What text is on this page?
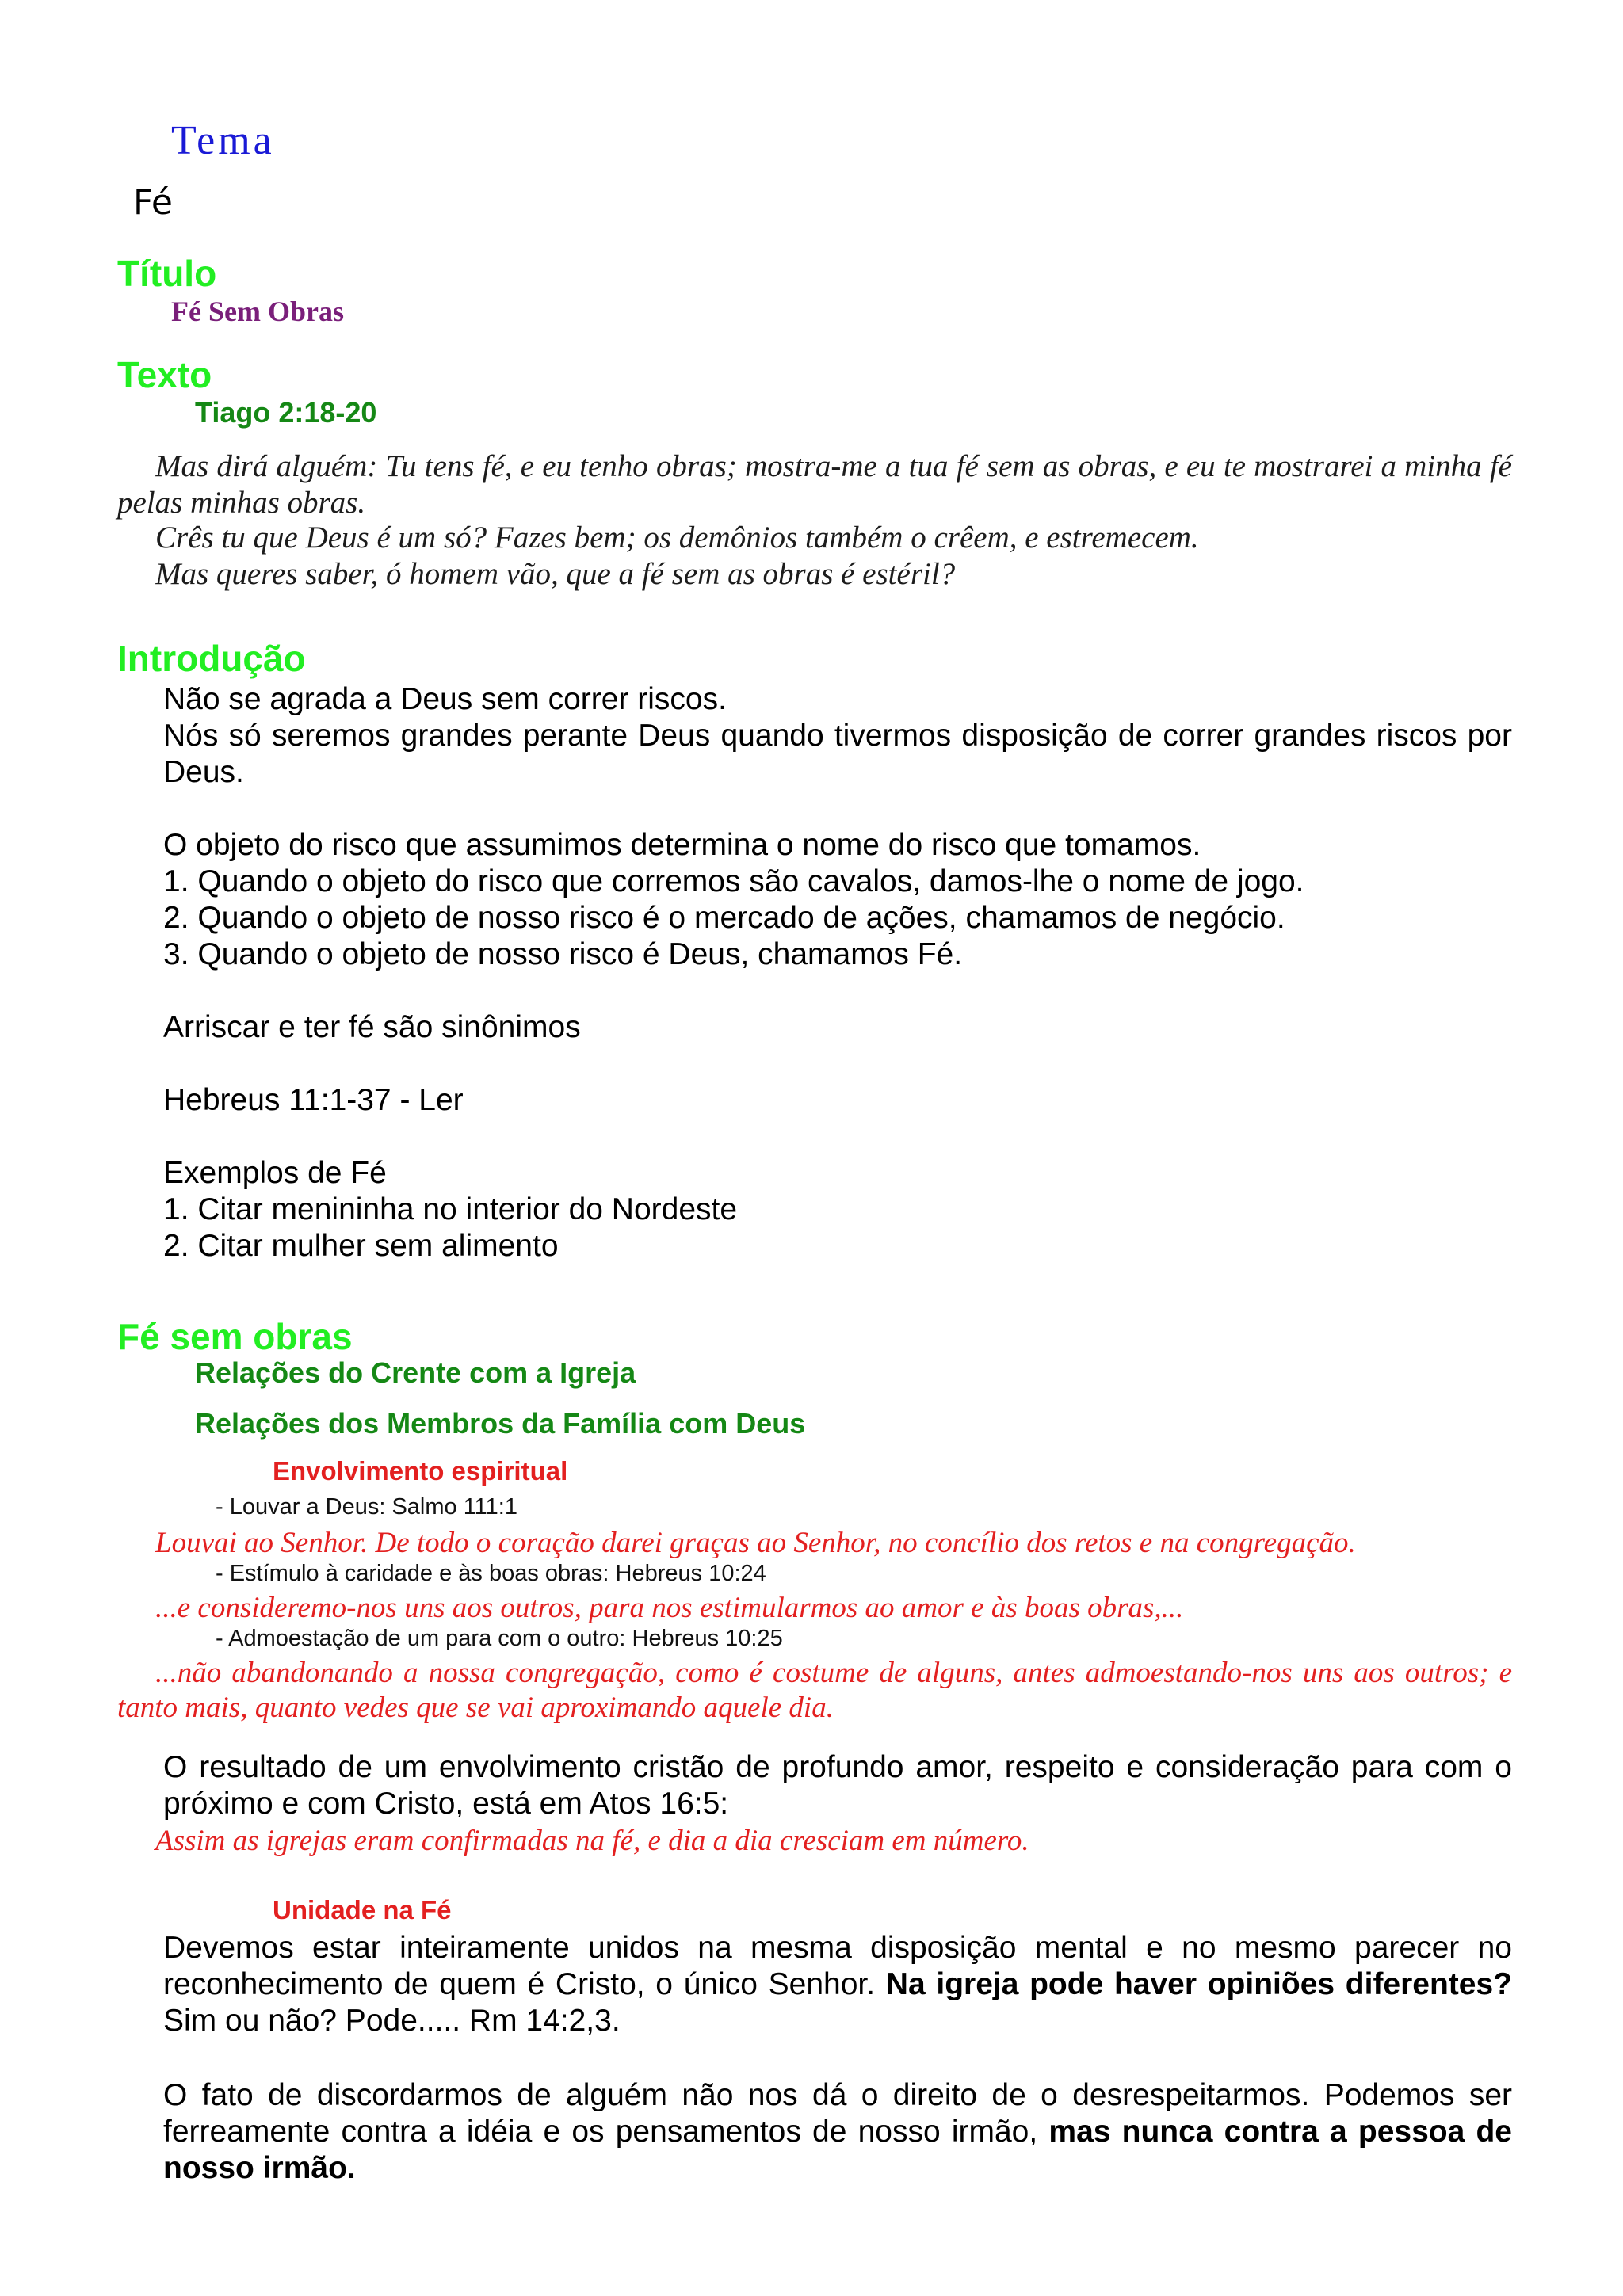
Tema
Fé
Título
Fé Sem Obras
Texto
Tiago 2:18-20
Mas dirá alguém: Tu tens fé, e eu tenho obras; mostra-me a tua fé sem as obras, e eu te mostrarei a minha fé pelas minhas obras.
Crês tu que Deus é um só? Fazes bem; os demônios também o crêem, e estremecem.
Mas queres saber, ó homem vão, que a fé sem as obras é estéril?
Introdução

Não se agrada a Deus sem correr riscos.

Nós só seremos grandes perante Deus quando tivermos disposição de correr grandes riscos por Deus.

O objeto do risco que assumimos determina o nome do risco que tomamos.

1. Quando o objeto do risco que corremos são cavalos, damos-lhe o nome de jogo.

2. Quando o objeto de nosso risco é o mercado de ações, chamamos de negócio.

3. Quando o objeto de nosso risco é Deus, chamamos Fé.

Arriscar e ter fé são sinônimos

Hebreus 11:1-37 - Ler

Exemplos de Fé

1. Citar menininha no interior do Nordeste

2. Citar mulher sem alimento

Fé sem obras
Relações do Crente com a Igreja
Relações dos Membros da Família com Deus
Envolvimento espiritual
- Louvar a Deus: Salmo 111:1
Louvai ao Senhor. De todo o coração darei graças ao Senhor, no concílio dos retos e na congregação.
- Estímulo à caridade e às boas obras: Hebreus 10:24
...e consideremo-nos uns aos outros, para nos estimularmos ao amor e às boas obras,...
- Admoestação de um para com o outro: Hebreus 10:25
...não abandonando a nossa congregação, como é costume de alguns, antes admoestando-nos uns aos outros; e tanto mais, quanto vedes que se vai aproximando aquele dia.
O resultado de um envolvimento cristão de profundo amor, respeito e consideração para com o próximo e com Cristo, está em Atos 16:5:
Assim as igrejas eram confirmadas na fé, e dia a dia cresciam em número.
Unidade na Fé
Devemos estar inteiramente unidos na mesma disposição mental e no mesmo parecer no reconhecimento de quem é Cristo, o único Senhor. Na igreja pode haver opiniões diferentes? Sim ou não? Pode..... Rm 14:2,3.
O fato de discordarmos de alguém não nos dá o direito de o desrespeitarmos. Podemos ser ferreamente contra a idéia e os pensamentos de nosso irmão, mas nunca contra a pessoa de nosso irmão.
